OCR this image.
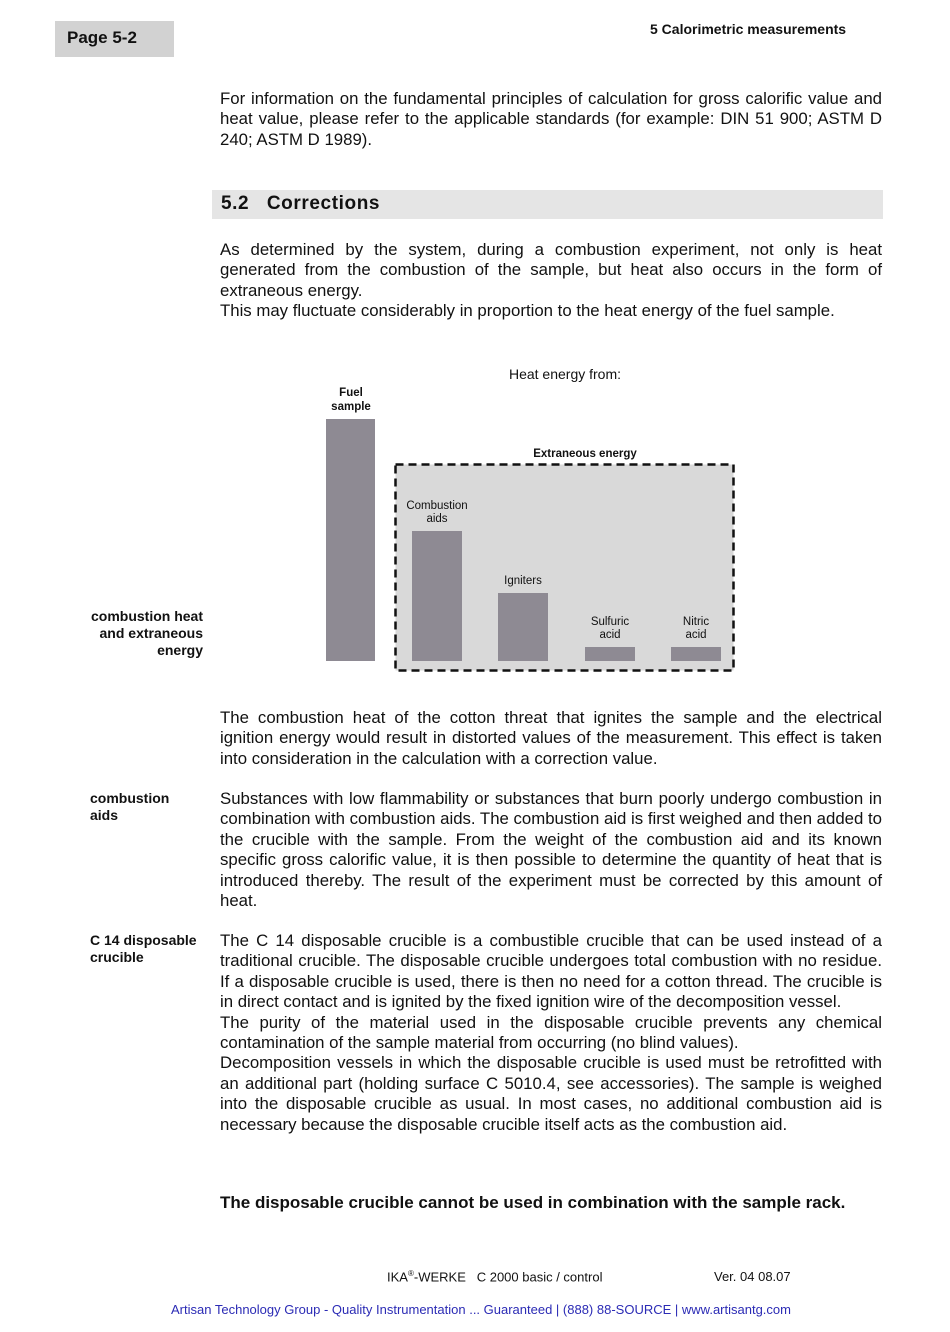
Page 5-2	5 Calorimetric measurements

For information on the fundamental principles of calculation for gross calorific value and heat value, please refer to the applicable standards (for example: DIN 51 900; ASTM D 240; ASTM D 1989).

5.2 Corrections

As determined by the system, during a combustion experiment, not only is heat generated from the combustion of the sample, but heat also occurs in the form of extraneous energy.

This may fluctuate considerably in proportion to the heat energy of the fuel sample.

Heat energy from:
Fuel
sample
Extraneous energy
Combustion
aids
Igniters
Sulfuric
acid
Nitric
acid
combustion heat
and extraneous
energy

The combustion heat of the cotton threat that ignites the sample and the electrical ignition energy would result in distorted values of the measurement. This effect is taken into consideration in the calculation with a correction value.

combustion
aids

Substances with low flammability or substances that burn poorly undergo combustion in combination with combustion aids. The combustion aid is first weighed and then added to the crucible with the sample. From the weight of the combustion aid and its known specific gross calorific value, it is then possible to determine the quantity of heat that is introduced thereby. The result of the experiment must be corrected by this amount of heat.

C 14 disposable
crucible

The C 14 disposable crucible is a combustible crucible that can be used instead of a traditional crucible. The disposable crucible undergoes total combustion with no residue. If a disposable crucible is used, there is then no need for a cotton thread. The crucible is in direct contact and is ignited by the fixed ignition wire of the decomposition vessel.

The purity of the material used in the disposable crucible prevents any chemical contamination of the sample material from occurring (no blind values).

Decomposition vessels in which the disposable crucible is used must be retrofitted with an additional part (holding surface C 5010.4, see accessories). The sample is weighed into the disposable crucible as usual. In most cases, no additional combustion aid is necessary because the disposable crucible itself acts as the combustion aid.

The disposable crucible cannot be used in combination with the sample rack.
IKA®-WERKE C 2000 basic / control	Ver. 04 08.07
Artisan Technology Group - Quality Instrumentation ... Guaranteed | (888) 88-SOURCE | www.artisantg.com
